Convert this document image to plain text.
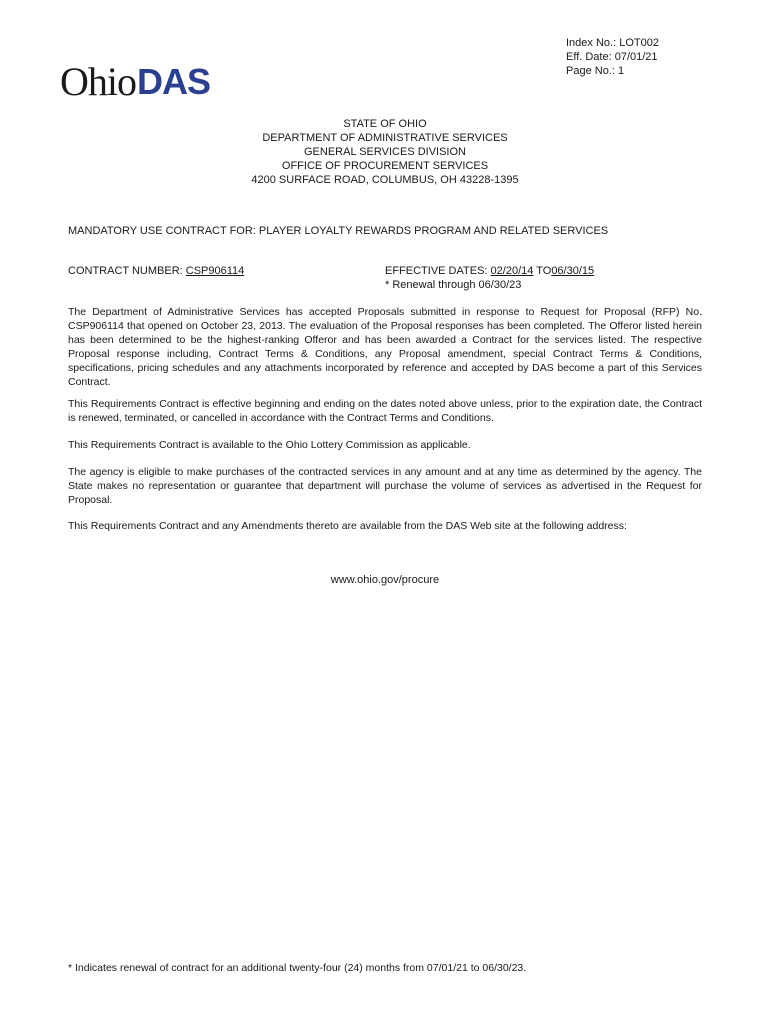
Ohio DAS
Index No.: LOT002
Eff. Date: 07/01/21
Page No.: 1
STATE OF OHIO
DEPARTMENT OF ADMINISTRATIVE SERVICES
GENERAL SERVICES DIVISION
OFFICE OF PROCUREMENT SERVICES
4200 SURFACE ROAD, COLUMBUS, OH 43228-1395
MANDATORY USE CONTRACT FOR: PLAYER LOYALTY REWARDS PROGRAM AND RELATED SERVICES
CONTRACT NUMBER: CSP906114	EFFECTIVE DATES: 02/20/14 TO06/30/15
* Renewal through 06/30/23

The Department of Administrative Services has accepted Proposals submitted in response to Request for Proposal (RFP) No. CSP906114 that opened on October 23, 2013. The evaluation of the Proposal responses has been completed. The Offeror listed herein has been determined to be the highest-ranking Offeror and has been awarded a Contract for the services listed. The respective Proposal response including, Contract Terms & Conditions, any Proposal amendment, special Contract Terms & Conditions, specifications, pricing schedules and any attachments incorporated by reference and accepted by DAS become a part of this Services Contract.

This Requirements Contract is effective beginning and ending on the dates noted above unless, prior to the expiration date, the Contract is renewed, terminated, or cancelled in accordance with the Contract Terms and Conditions.

This Requirements Contract is available to the Ohio Lottery Commission as applicable.

The agency is eligible to make purchases of the contracted services in any amount and at any time as determined by the agency. The State makes no representation or guarantee that department will purchase the volume of services as advertised in the Request for Proposal.

This Requirements Contract and any Amendments thereto are available from the DAS Web site at the following address:

www.ohio.gov/procure
* Indicates renewal of contract for an additional twenty-four (24) months from 07/01/21 to 06/30/23.
